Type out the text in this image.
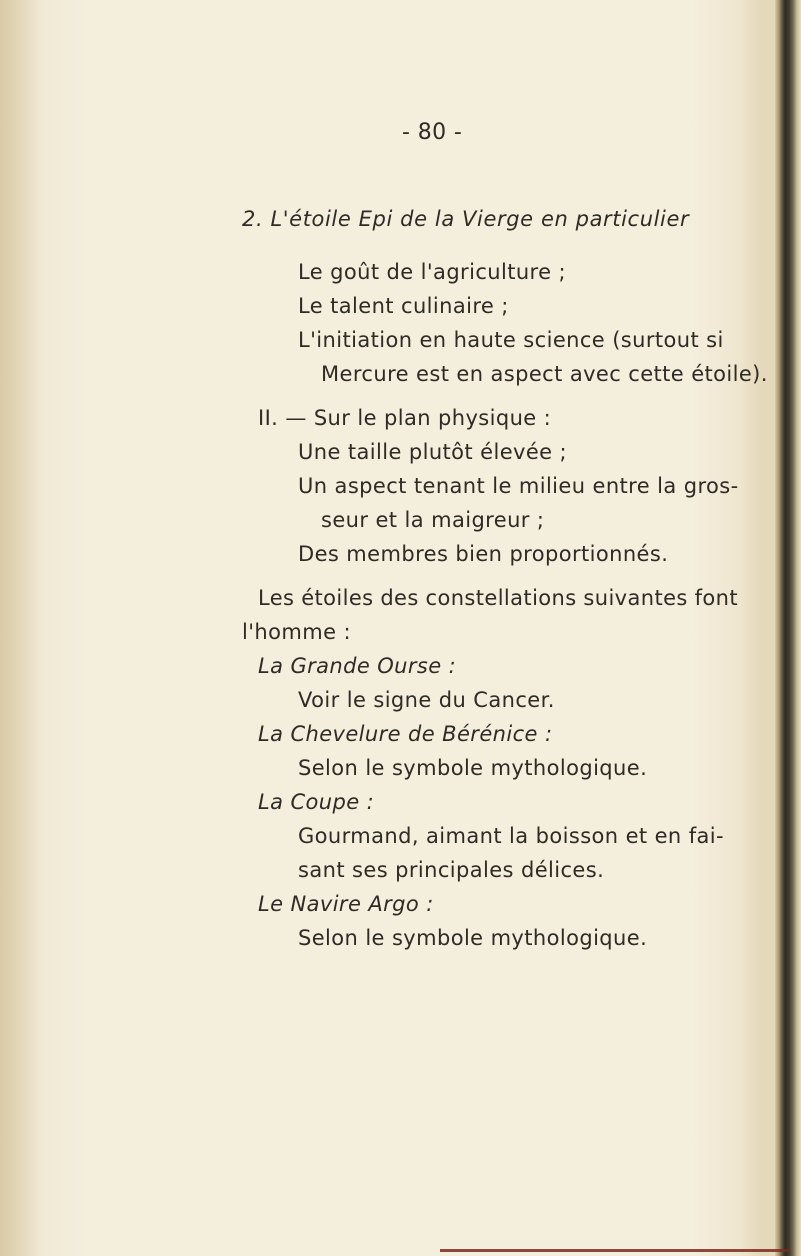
- 80 -
2. L'étoile Epi de la Vierge en particulier
Le goût de l'agriculture ;
Le talent culinaire ;
L'initiation en haute science (surtout si
Mercure est en aspect avec cette étoile).
II. — Sur le plan physique :
Une taille plutôt élevée ;
Un aspect tenant le milieu entre la gros-
seur et la maigreur ;
Des membres bien proportionnés.
Les étoiles des constellations suivantes font
l'homme :
La Grande Ourse :
Voir le signe du Cancer.
La Chevelure de Bérénice :
Selon le symbole mythologique.
La Coupe :
Gourmand, aimant la boisson et en fai-
sant ses principales délices.
Le Navire Argo :
Selon le symbole mythologique.
